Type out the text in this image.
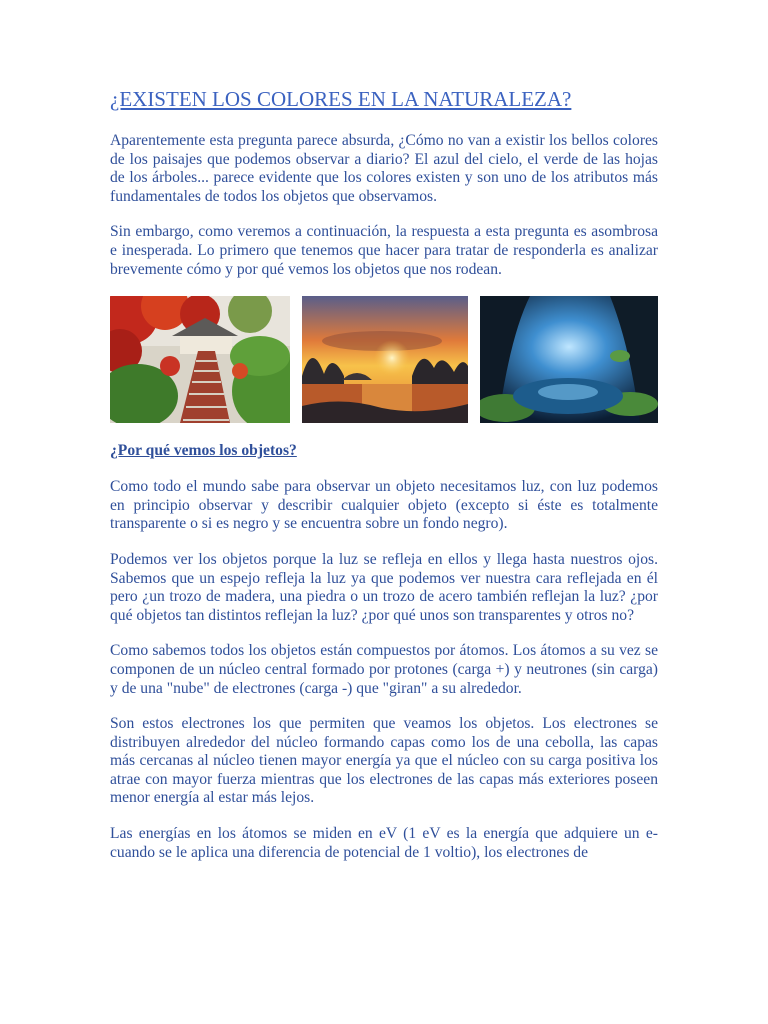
¿EXISTEN LOS COLORES EN LA NATURALEZA?

Aparentemente esta pregunta parece absurda, ¿Cómo no van a existir los bellos colores de los paisajes que podemos observar a diario? El azul del cielo, el verde de las hojas de los árboles... parece evidente que los colores existen y son uno de los atributos más fundamentales de todos los objetos que observamos.

Sin embargo, como veremos a continuación, la respuesta a esta pregunta es asombrosa e inesperada. Lo primero que tenemos que hacer para tratar de responderla es analizar brevemente cómo y por qué vemos los objetos que nos rodean.

¿Por qué vemos los objetos?

Como todo el mundo sabe para observar un objeto necesitamos luz, con luz podemos en principio observar y describir cualquier objeto (excepto si éste es totalmente transparente o si es negro y se encuentra sobre un fondo negro).

Podemos ver los objetos porque la luz se refleja en ellos y llega hasta nuestros ojos. Sabemos que un espejo refleja la luz ya que podemos ver nuestra cara reflejada en él pero ¿un trozo de madera, una piedra o un trozo de acero también reflejan la luz? ¿por qué objetos tan distintos reflejan la luz? ¿por qué unos son transparentes y otros no?

Como sabemos todos los objetos están compuestos por átomos. Los átomos a su vez se componen de un núcleo central formado por protones (carga +) y neutrones (sin carga) y de una "nube" de electrones (carga -) que "giran" a su alrededor.

Son estos electrones los que permiten que veamos los objetos. Los electrones se distribuyen alrededor del núcleo formando capas como los de una cebolla, las capas más cercanas al núcleo tienen mayor energía ya que el núcleo con su carga positiva los atrae con mayor fuerza mientras que los electrones de las capas más exteriores poseen menor energía al estar más lejos.

Las energías en los átomos se miden en eV (1 eV es la energía que adquiere un e- cuando se le aplica una diferencia de potencial de 1 voltio), los electrones de
